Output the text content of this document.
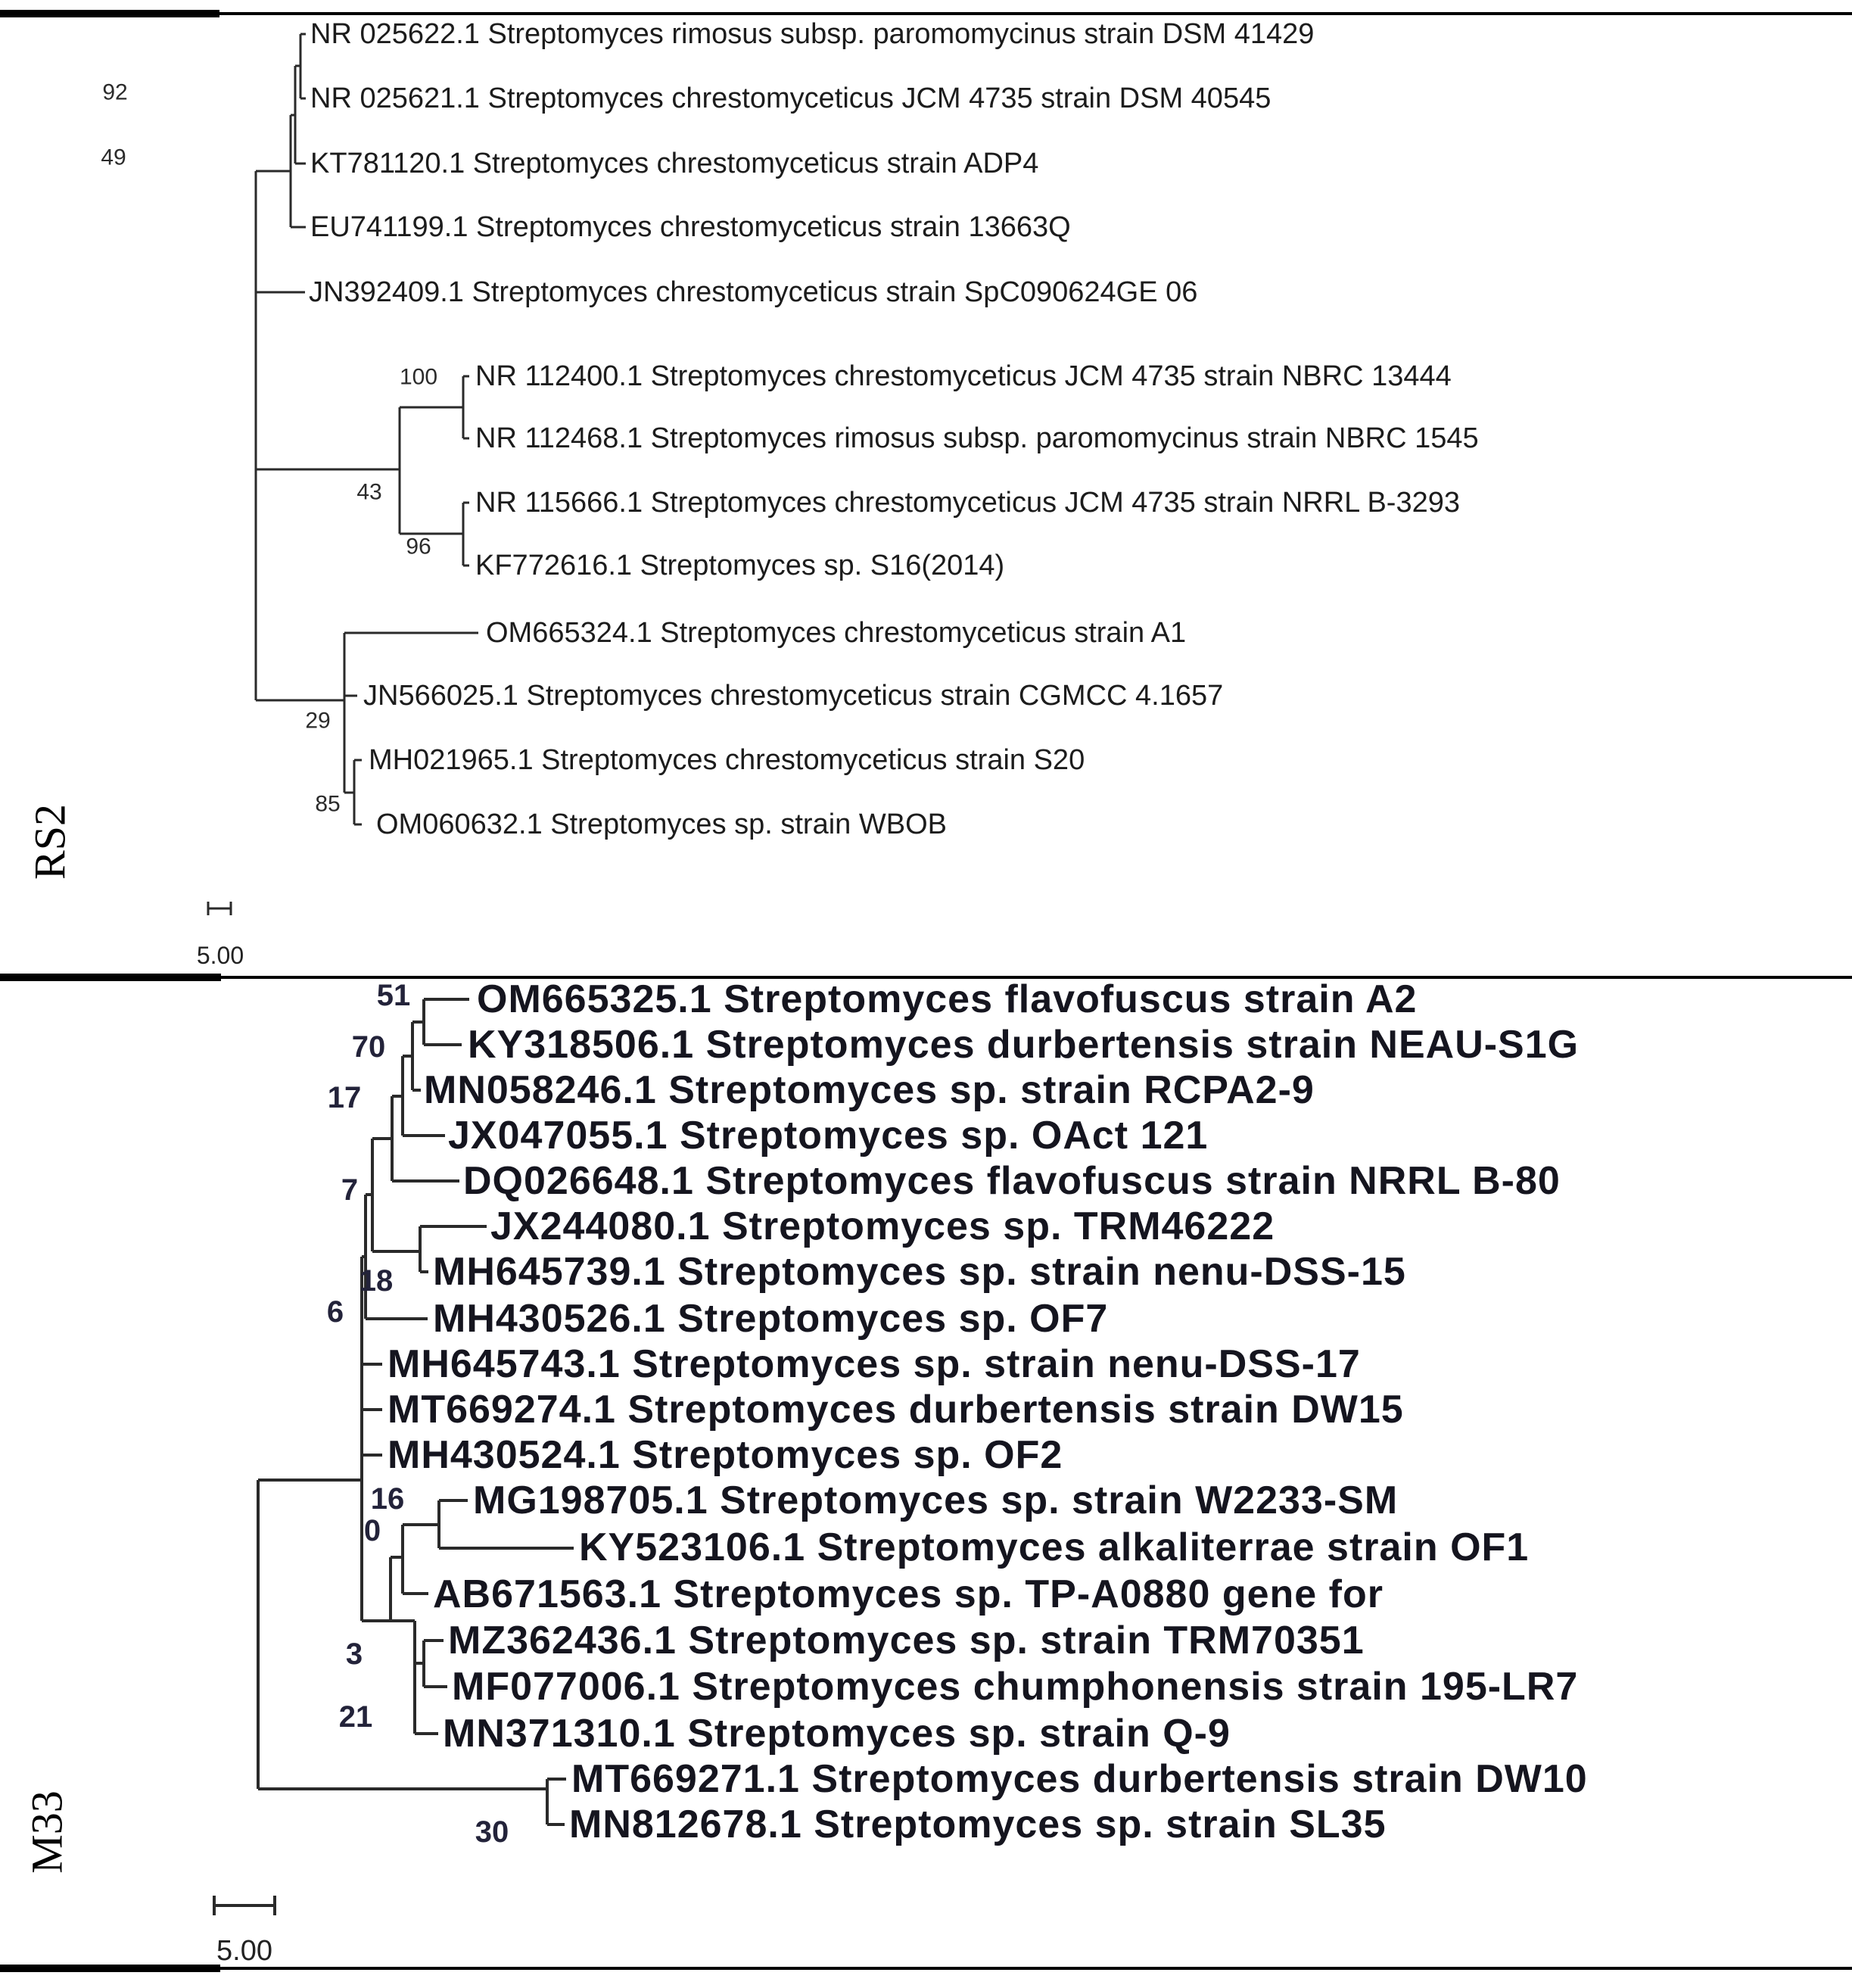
NR 025622.1 Streptomyces rimosus subsp. paromomycinus strain DSM 41429
NR 025621.1 Streptomyces chrestomyceticus JCM 4735 strain DSM 40545
KT781120.1 Streptomyces chrestomyceticus strain ADP4
EU741199.1 Streptomyces chrestomyceticus strain 13663Q
JN392409.1 Streptomyces chrestomyceticus strain SpC090624GE 06
NR 112400.1 Streptomyces chrestomyceticus JCM 4735 strain NBRC 13444
NR 112468.1 Streptomyces rimosus subsp. paromomycinus strain NBRC 1545
NR 115666.1 Streptomyces chrestomyceticus JCM 4735 strain NRRL B-3293
KF772616.1 Streptomyces sp. S16(2014)
OM665324.1 Streptomyces chrestomyceticus strain A1
JN566025.1 Streptomyces chrestomyceticus strain CGMCC 4.1657
MH021965.1 Streptomyces chrestomyceticus strain S20
OM060632.1 Streptomyces sp. strain WBOB
92
49
100
43
96
29
85
5.00
RS2
OM665325.1 Streptomyces flavofuscus strain A2
KY318506.1 Streptomyces durbertensis strain NEAU-S1G
MN058246.1 Streptomyces sp. strain RCPA2-9
JX047055.1 Streptomyces sp. OAct 121
DQ026648.1 Streptomyces flavofuscus strain NRRL B-80
JX244080.1 Streptomyces sp. TRM46222
MH645739.1 Streptomyces sp. strain nenu-DSS-15
MH430526.1 Streptomyces sp. OF7
MH645743.1 Streptomyces sp. strain nenu-DSS-17
MT669274.1 Streptomyces durbertensis strain DW15
MH430524.1 Streptomyces sp. OF2
MG198705.1 Streptomyces sp. strain W2233-SM
KY523106.1 Streptomyces alkaliterrae strain OF1
AB671563.1 Streptomyces sp. TP-A0880 gene for
MZ362436.1 Streptomyces sp. strain TRM70351
MF077006.1 Streptomyces chumphonensis strain 195-LR7
MN371310.1 Streptomyces sp. strain Q-9
MT669271.1 Streptomyces durbertensis strain DW10
MN812678.1 Streptomyces sp. strain SL35
51
70
17
7
18
6
16
0
3
21
30
5.00
M33
